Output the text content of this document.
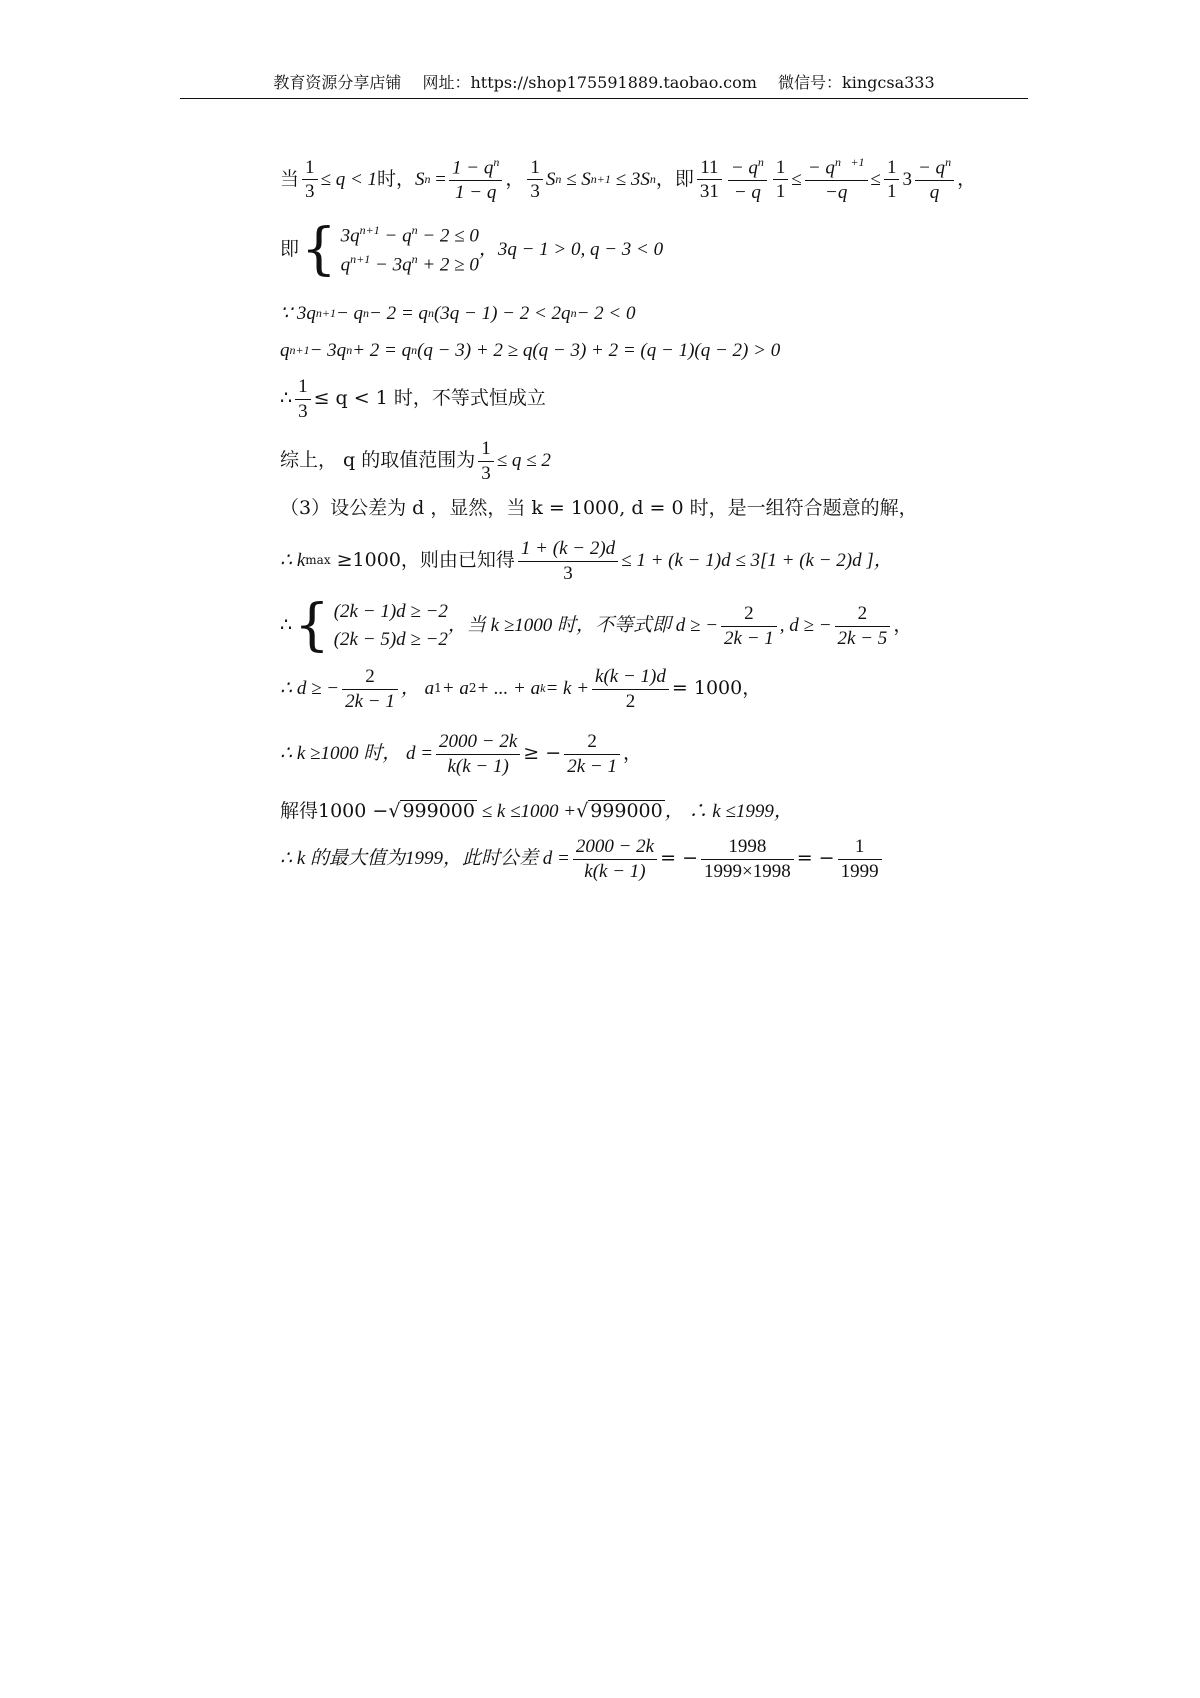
教育资源分享店铺 网址：https://shop175591889.taobao.com 微信号：kingcsa333
当 $\frac{1}{3} \le q < 1$ 时， S $n = \frac{1 - q^n}{1 - q}$ ， $\frac{1}{3}$ S n
≤ S n+1
≤ 3S n ，即 $\frac{11}{31} \frac{- q^n}{- q} \frac{1}{1} \le \frac{- q^n ^{+1}}{-q} \le \frac{1}{1} 3 \frac{- q^n}{q}$ ，
即 { $3q^{n+1} - q^n - 2 \le 0$
$q^{n+1} - 3q^n + 2 \ge 0$
，3q − 1 > 0, q − 3 < 0
∵ 3q n+1 − q n − 2 = q n (3q − 1) − 2 < 2q n − 2 < 0
q n+1 − 3q n + 2 = q n (q − 3) + 2 ≥ q(q − 3) + 2 = (q − 1)(q − 2) > 0
∴ $\frac{1}{3} \le q < 1$ 时，不等式恒成立
综上， q 的取值范围为 $\frac{1}{3} \le q \le 2$
（3）设公差为 d ，显然，当 k = 1000, d = 0 时，是一组符合题意的解，
∴ k max
≥1000，则由已知得 $\frac{1 + (k - 2)d}{3} \le 1 + (k - 1)d \le 3[1 + (k - 2)d$ ]，
∴ { (2k − 1)d ≥ −2
(2k − 5)d ≥ −2
，当 k ≥1000 时，不等式即 d ≥ − $\frac{2}{2k - 1}$ , d ≥ − $\frac{2}{2k - 5}$ ，
∴ d ≥ − $\frac{2}{2k - 1}$ ， a 1 + a 2 + ... + a $k = k + \frac{k(k - 1)d}{2} = 1000$，
∴ k ≥1000 时， $d = \frac{2000 - 2k}{k(k - 1)}$ ≥ − $\frac{2}{2k - 1}$ ，
解得1000 − √ 999000
≤ k ≤1000 + √ 999000 ， ∴ k ≤1999，
∴ k 的最大值为1999，此时公差 $d = \frac{2000 - 2k}{k(k - 1)}$ = − $\frac{1998}{1999\times 1998}$ = − $\frac{1}{1999}$
